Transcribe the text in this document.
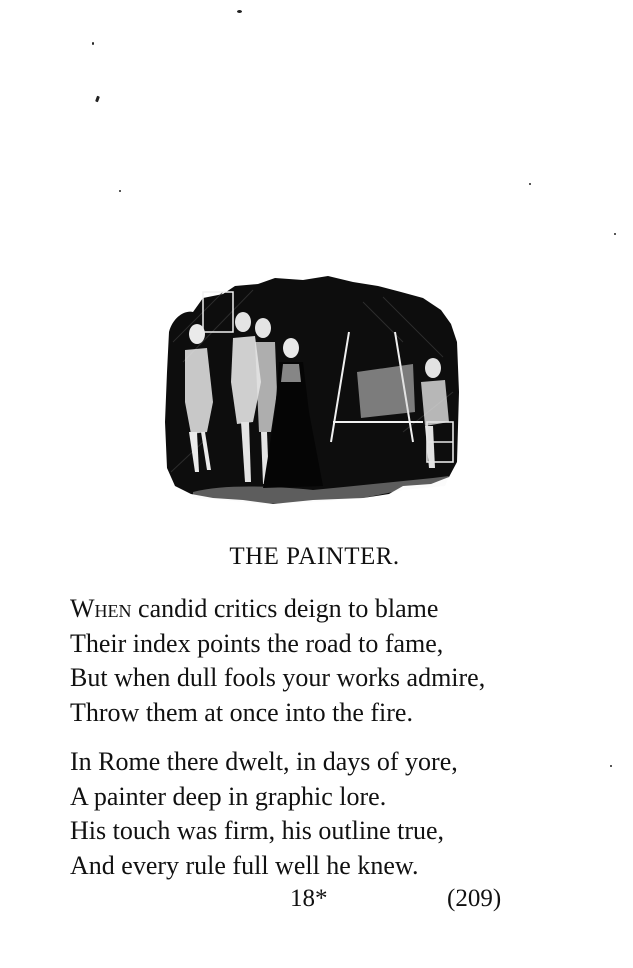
THE PAINTER.
When candid critics deign to blame
Their index points the road to fame,
But when dull fools your works admire,
Throw them at once into the fire.
In Rome there dwelt, in days of yore,
A painter deep in graphic lore.
His touch was firm, his outline true,
And every rule full well he knew.
18*	(209)
